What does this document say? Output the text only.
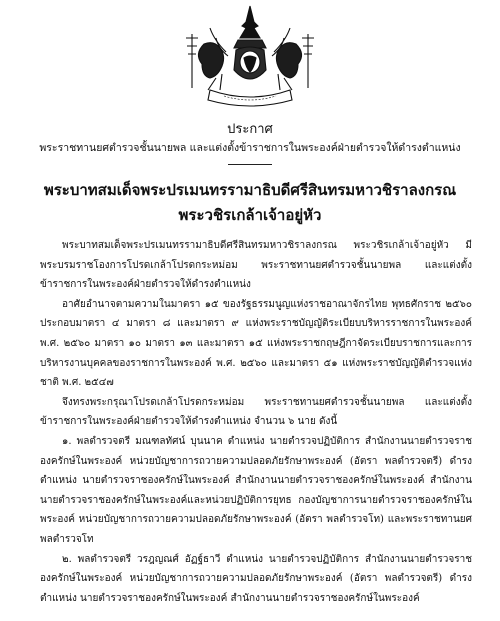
ประกาศ
พระราชทานยศตำรวจชั้นนายพล และแต่งตั้งข้าราชการในพระองค์ฝ่ายตำรวจให้ดำรงตำแหน่ง
พระบาทสมเด็จพระปรเมนทรรามาธิบดีศรีสินทรมหาวชิราลงกรณ
พระวชิรเกล้าเจ้าอยู่หัว

พระบาทสมเด็จพระปรเมนทรรามาธิบดีศรีสินทรมหาวชิราลงกรณ พระวชิรเกล้าเจ้าอยู่หัว มีพระบรมราชโองการโปรดเกล้าโปรดกระหม่อม พระราชทานยศตำรวจชั้นนายพล และแต่งตั้งข้าราชการในพระองค์ฝ่ายตำรวจให้ดำรงตำแหน่ง

อาศัยอำนาจตามความในมาตรา ๑๕ ของรัฐธรรมนูญแห่งราชอาณาจักรไทย พุทธศักราช ๒๕๖๐ ประกอบมาตรา ๔ มาตรา ๘ และมาตรา ๙ แห่งพระราชบัญญัติระเบียบบริหารราชการในพระองค์ พ.ศ. ๒๕๖๐ มาตรา ๑๐ มาตรา ๑๓ และมาตรา ๑๕ แห่งพระราชกฤษฎีกาจัดระเบียบราชการและการบริหารงานบุคคลของราชการในพระองค์ พ.ศ. ๒๕๖๐ และมาตรา ๕๑ แห่งพระราชบัญญัติตำรวจแห่งชาติ พ.ศ. ๒๕๔๗

จึงทรงพระกรุณาโปรดเกล้าโปรดกระหม่อม พระราชทานยศตำรวจชั้นนายพล และแต่งตั้งข้าราชการในพระองค์ฝ่ายตำรวจให้ดำรงตำแหน่ง จำนวน ๖ นาย ดังนี้

๑. พลตำรวจตรี มณฑลทัศน์ บุนนาค ตำแหน่ง นายตำรวจปฏิบัติการ สำนักงานนายตำรวจราชองครักษ์ในพระองค์ หน่วยบัญชาการถวายความปลอดภัยรักษาพระองค์ (อัตรา พลตำรวจตรี) ดำรงตำแหน่ง นายตำรวจราชองครักษ์ในพระองค์ สำนักงานนายตำรวจราชองครักษ์ในพระองค์ สำนักงานนายตำรวจราชองครักษ์ในพระองค์และหน่วยปฏิบัติการยุทธ กองบัญชาการนายตำรวจราชองครักษ์ในพระองค์ หน่วยบัญชาการถวายความปลอดภัยรักษาพระองค์ (อัตรา พลตำรวจโท) และพระราชทานยศ พลตำรวจโท

๒. พลตำรวจตรี วรฎญณศ์ อัฏฐ์ธาวี ตำแหน่ง นายตำรวจปฏิบัติการ สำนักงานนายตำรวจราชองครักษ์ในพระองค์ หน่วยบัญชาการถวายความปลอดภัยรักษาพระองค์ (อัตรา พลตำรวจตรี) ดำรงตำแหน่ง นายตำรวจราชองครักษ์ในพระองค์ สำนักงานนายตำรวจราชองครักษ์ในพระองค์
